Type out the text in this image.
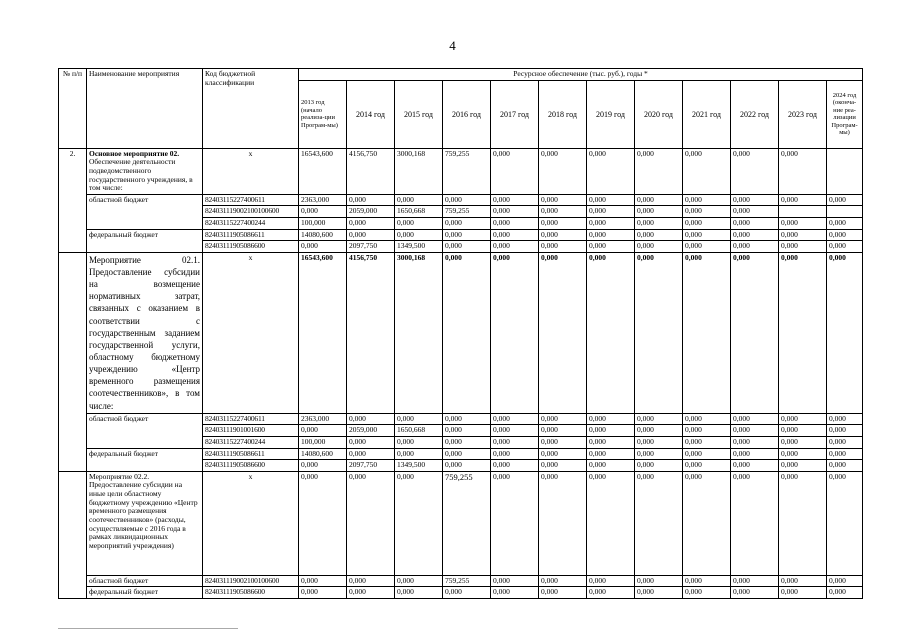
4
№ п/п	Наименование мероприятия	Код бюджетной классификации	Ресурсное обеспечение (тыс. руб.), годы *											
			2013 год (начало реализа-ции Програм-мы)	2014 год	2015 год	2016 год	2017 год	2018 год	2019 год	2020 год	2021 год	2022 год	2023 год	2024 год (оконча-ние реа-лизации Програм-мы)
2.	Основное мероприятие 02. Обеспечение деятельности подведомственного государственного учреждения, в том числе:	х	16543,600	4156,750	3000,168	759,255	0,000	0,000	0,000	0,000	0,000	0,000	0,000	
	областной бюджет	82403115227400611	2363,000	0,000	0,000	0,000	0,000	0,000	0,000	0,000	0,000	0,000	0,000	0,000
		824031119002100100600	0,000	2059,000	1650,668	759,255	0,000	0,000	0,000	0,000	0,000	0,000		
		82403115227400244	100,000	0,000	0,000	0,000	0,000	0,000	0,000	0,000	0,000	0,000	0,000	0,000
	федеральный бюджет	82403111905086611	14080,600	0,000	0,000	0,000	0,000	0,000	0,000	0,000	0,000	0,000	0,000	0,000
		82403111905086600	0,000	2097,750	1349,500	0,000	0,000	0,000	0,000	0,000	0,000	0,000	0,000	0,000
	Мероприятие 02.1. Предоставление субсидии на возмещение нормативных затрат, связанных с оказанием в соответствии с государственным заданием государственной услуги, областному бюджетному учреждению «Центр временного размещения соотечественников», в том числе:	х	16543,600	4156,750	3000,168	0,000	0,000	0,000	0,000	0,000	0,000	0,000	0,000	0,000
	областной бюджет	82403115227400611	2363,000	0,000	0,000	0,000	0,000	0,000	0,000	0,000	0,000	0,000	0,000	0,000
		82403111901001600	0,000	2059,000	1650,668	0,000	0,000	0,000	0,000	0,000	0,000	0,000	0,000	0,000
		82403115227400244	100,000	0,000	0,000	0,000	0,000	0,000	0,000	0,000	0,000	0,000	0,000	0,000
	федеральный бюджет	82403111905086611	14080,600	0,000	0,000	0,000	0,000	0,000	0,000	0,000	0,000	0,000	0,000	0,000
		82403111905086600	0,000	2097,750	1349,500	0,000	0,000	0,000	0,000	0,000	0,000	0,000	0,000	0,000
	Мероприятие 02.2. Предоставление субсидии на иные цели областному бюджетному учреждению «Центр временного размещения соотечественников» (расходы, осуществляемые с 2016 года в рамках ликвидационных мероприятий учреждения)	х	0,000	0,000	0,000	759,255	0,000	0,000	0,000	0,000	0,000	0,000	0,000	0,000
	областной бюджет	824031119002100100600	0,000	0,000	0,000	759,255	0,000	0,000	0,000	0,000	0,000	0,000	0,000	0,000
	федеральный бюджет	82403111905086600	0,000	0,000	0,000	0,000	0,000	0,000	0,000	0,000	0,000	0,000	0,000	0,000
